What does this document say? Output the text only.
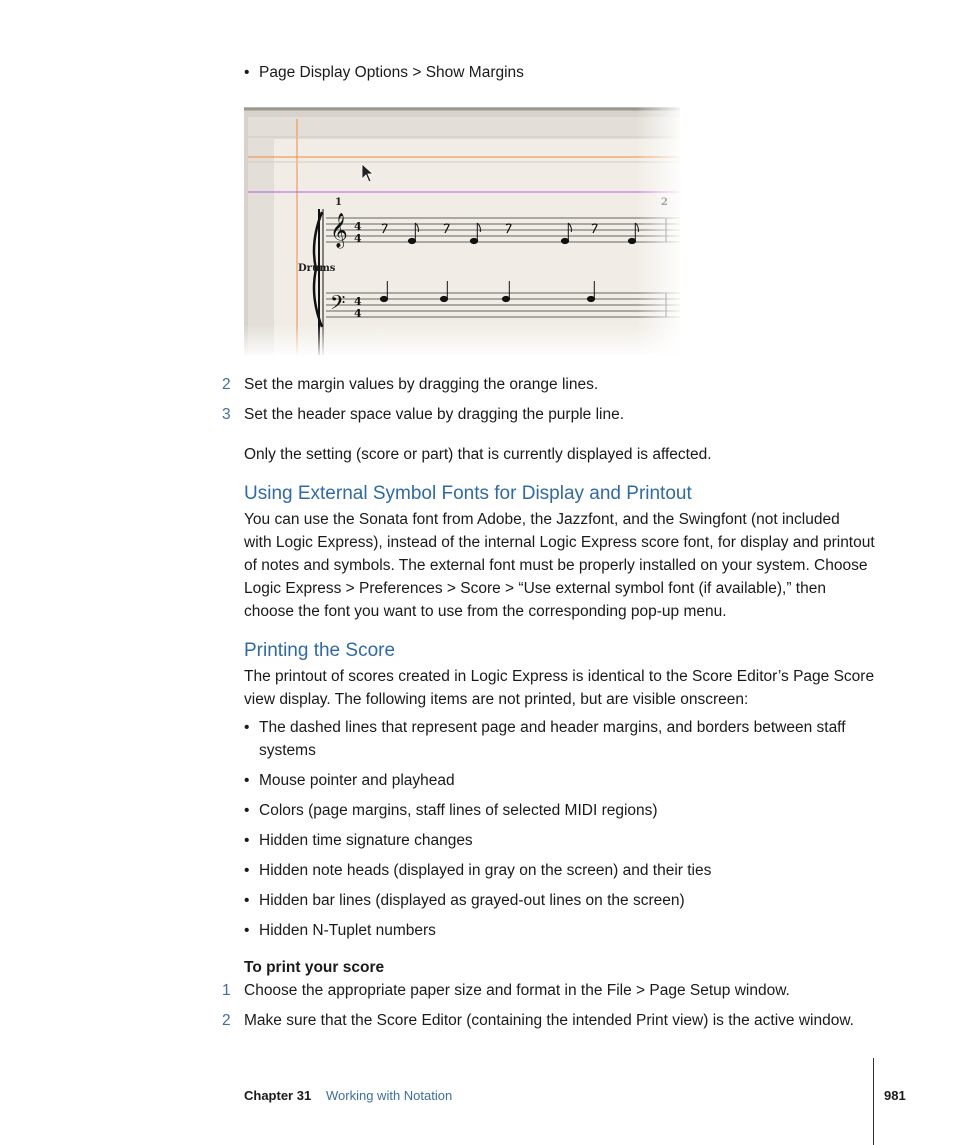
• Page Display Options > Show Margins
2 Set the margin values by dragging the orange lines.
3 Set the header space value by dragging the purple line.
Only the setting (score or part) that is currently displayed is affected.
Using External Symbol Fonts for Display and Printout
You can use the Sonata font from Adobe, the Jazzfont, and the Swingfont (not included
with Logic Express), instead of the internal Logic Express score font, for display and printout
of notes and symbols. The external font must be properly installed on your system. Choose
Logic Express > Preferences > Score > “Use external symbol font (if available),” then
choose the font you want to use from the corresponding pop-up menu.
Printing the Score
The printout of scores created in Logic Express is identical to the Score Editor’s Page Score
view display. The following items are not printed, but are visible onscreen:
• The dashed lines that represent page and header margins, and borders between staff
systems
• Mouse pointer and playhead
• Colors (page margins, staff lines of selected MIDI regions)
• Hidden time signature changes
• Hidden note heads (displayed in gray on the screen) and their ties
• Hidden bar lines (displayed as grayed-out lines on the screen)
• Hidden N-Tuplet numbers
To print your score
1 Choose the appropriate paper size and format in the File > Page Setup window.
2 Make sure that the Score Editor (containing the intended Print view) is the active window.
Chapter 31 Working with Notation	981
